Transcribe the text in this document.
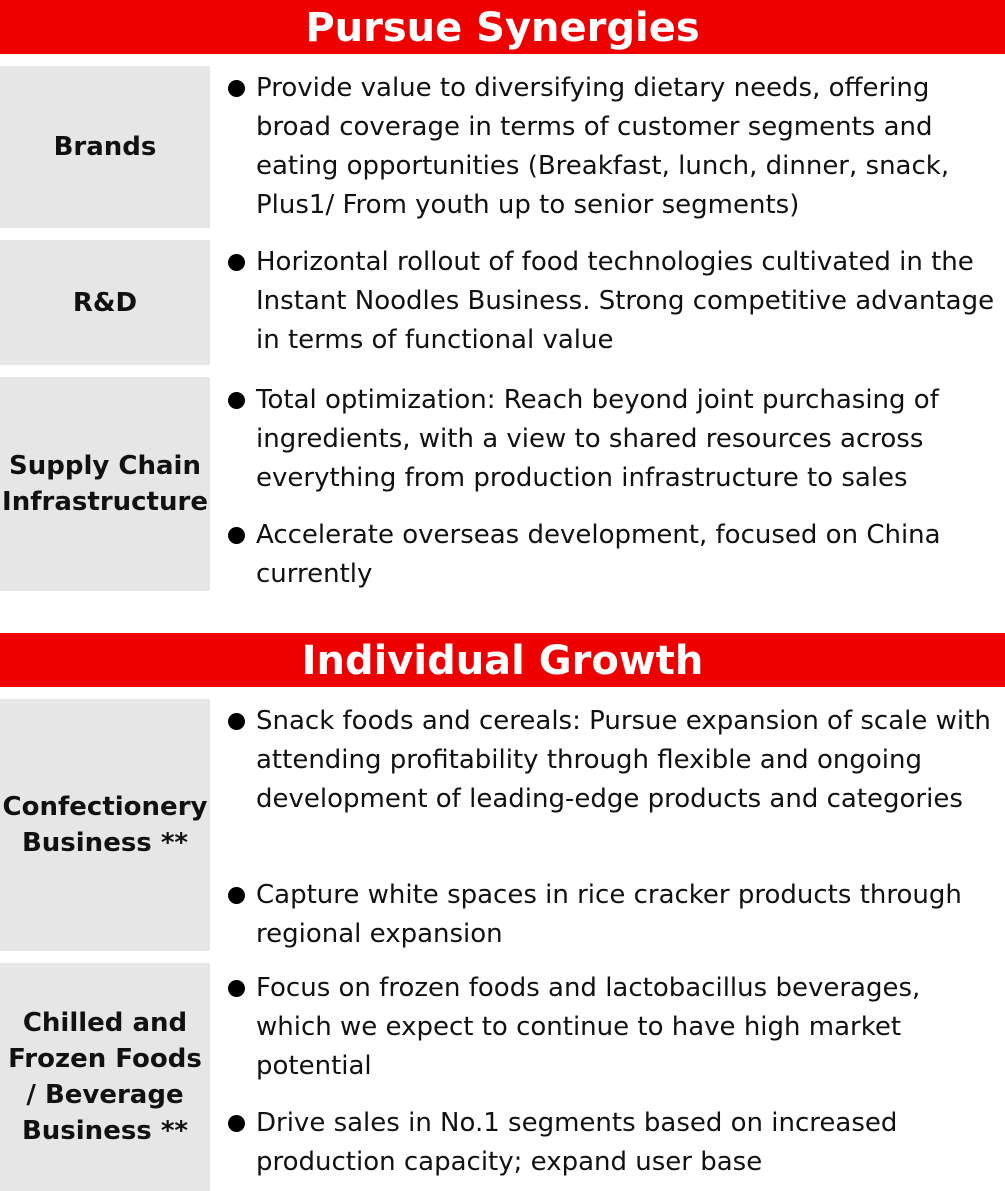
Pursue Synergies
Brands
Provide value to diversifying dietary needs, offering broad coverage in terms of customer segments and eating opportunities (Breakfast, lunch, dinner, snack, Plus1/ From youth up to senior segments)
R&D
Horizontal rollout of food technologies cultivated in the Instant Noodles Business. Strong competitive advantage in terms of functional value
Supply Chain Infrastructure
Total optimization: Reach beyond joint purchasing of ingredients, with a view to shared resources across everything from production infrastructure to sales
Accelerate overseas development, focused on China currently
Individual Growth
Confectionery Business **
Snack foods and cereals: Pursue expansion of scale with attending profitability through flexible and ongoing development of leading-edge products and categories
Capture white spaces in rice cracker products through regional expansion
Chilled and Frozen Foods / Beverage Business **
Focus on frozen foods and lactobacillus beverages, which we expect to continue to have high market potential
Drive sales in No.1 segments based on increased production capacity; expand user base
